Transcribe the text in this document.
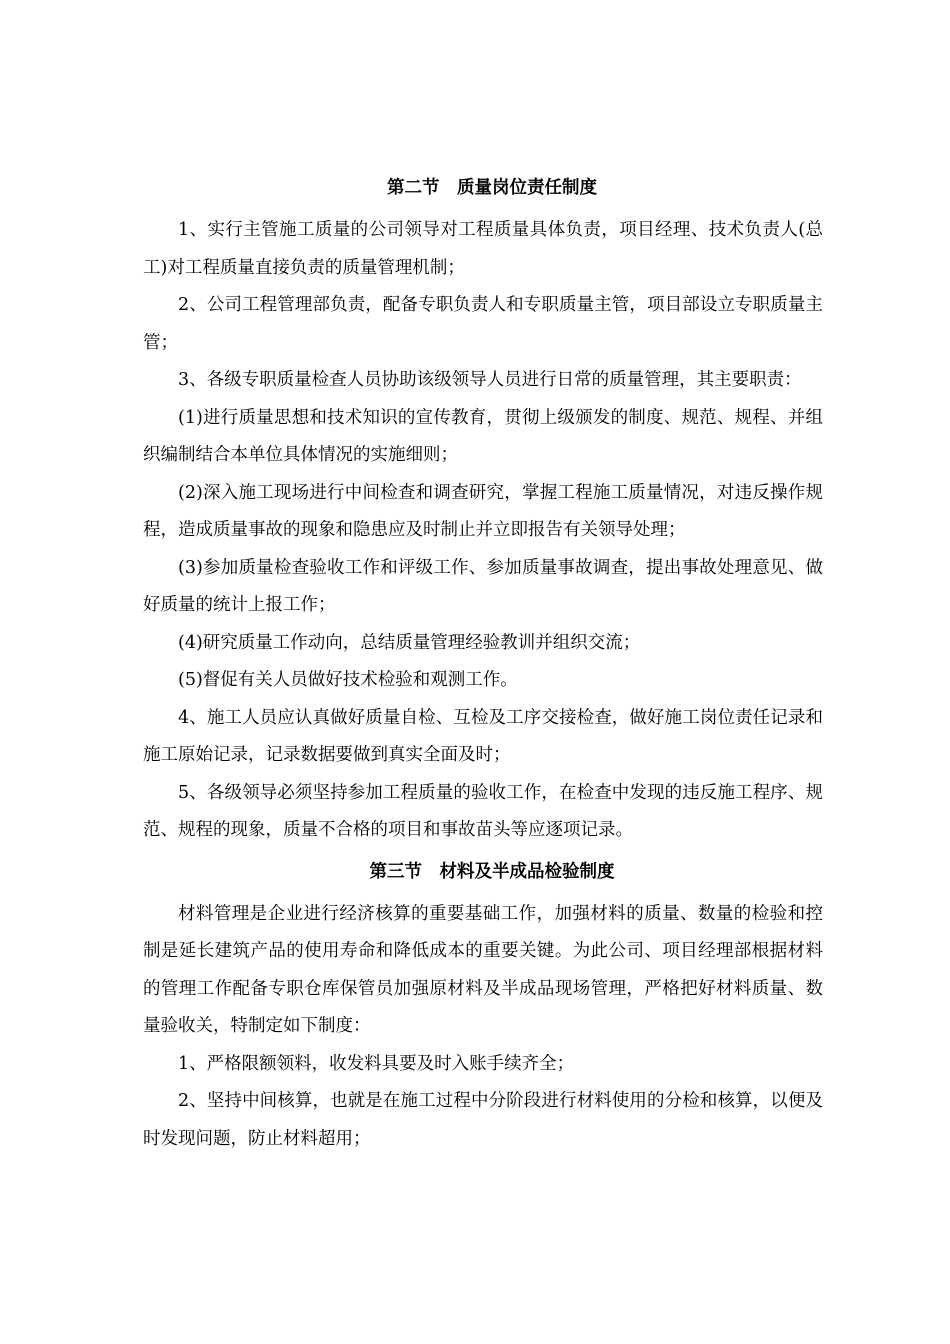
第二节　质量岗位责任制度

1、实行主管施工质量的公司领导对工程质量具体负责，项目经理、技术负责人(总工)对工程质量直接负责的质量管理机制；

2、公司工程管理部负责，配备专职负责人和专职质量主管，项目部设立专职质量主管；

3、各级专职质量检查人员协助该级领导人员进行日常的质量管理，其主要职责：

(1)进行质量思想和技术知识的宣传教育，贯彻上级颁发的制度、规范、规程、并组织编制结合本单位具体情况的实施细则；

(2)深入施工现场进行中间检查和调查研究，掌握工程施工质量情况，对违反操作规程，造成质量事故的现象和隐患应及时制止并立即报告有关领导处理；

(3)参加质量检查验收工作和评级工作、参加质量事故调查，提出事故处理意见、做好质量的统计上报工作；

(4)研究质量工作动向，总结质量管理经验教训并组织交流；

(5)督促有关人员做好技术检验和观测工作。

4、施工人员应认真做好质量自检、互检及工序交接检查，做好施工岗位责任记录和施工原始记录，记录数据要做到真实全面及时；

5、各级领导必须坚持参加工程质量的验收工作，在检查中发现的违反施工程序、规范、规程的现象，质量不合格的项目和事故苗头等应逐项记录。

第三节　材料及半成品检验制度

材料管理是企业进行经济核算的重要基础工作，加强材料的质量、数量的检验和控制是延长建筑产品的使用寿命和降低成本的重要关键。为此公司、项目经理部根据材料的管理工作配备专职仓库保管员加强原材料及半成品现场管理，严格把好材料质量、数量验收关，特制定如下制度：

1、严格限额领料，收发料具要及时入账手续齐全；

2、坚持中间核算，也就是在施工过程中分阶段进行材料使用的分检和核算，以便及时发现问题，防止材料超用；
